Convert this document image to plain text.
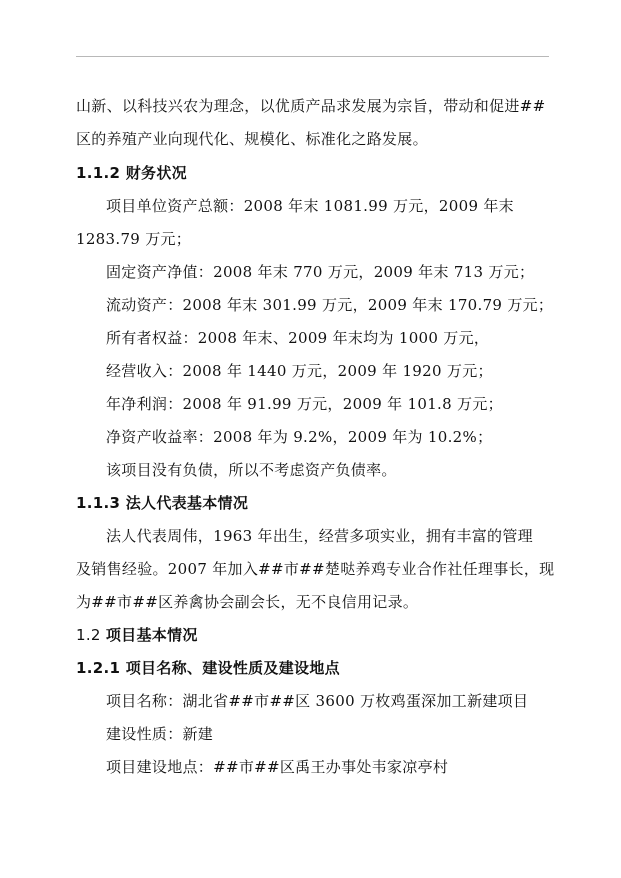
山新、以科技兴农为理念，以优质产品求发展为宗旨，带动和促进##
区的养殖产业向现代化、规模化、标准化之路发展。
1.1.2 财务状况
项目单位资产总额：2008 年末 1081.99 万元，2009 年末
1283.79 万元；
固定资产净值：2008 年末 770 万元，2009 年末 713 万元；
流动资产：2008 年末 301.99 万元，2009 年末 170.79 万元；
所有者权益：2008 年末、2009 年末均为 1000 万元，
经营收入：2008 年 1440 万元，2009 年 1920 万元；
年净利润：2008 年 91.99 万元，2009 年 101.8 万元；
净资产收益率：2008 年为 9.2%，2009 年为 10.2%；
该项目没有负债，所以不考虑资产负债率。
1.1.3 法人代表基本情况
法人代表周伟，1963 年出生，经营多项实业，拥有丰富的管理
及销售经验。2007 年加入##市##楚哒养鸡专业合作社任理事长，现
为##市##区养禽协会副会长，无不良信用记录。
1.2 项目基本情况
1.2.1 项目名称、建设性质及建设地点
项目名称：湖北省##市##区 3600 万枚鸡蛋深加工新建项目
建设性质：新建
项目建设地点：##市##区禹王办事处韦家凉亭村
